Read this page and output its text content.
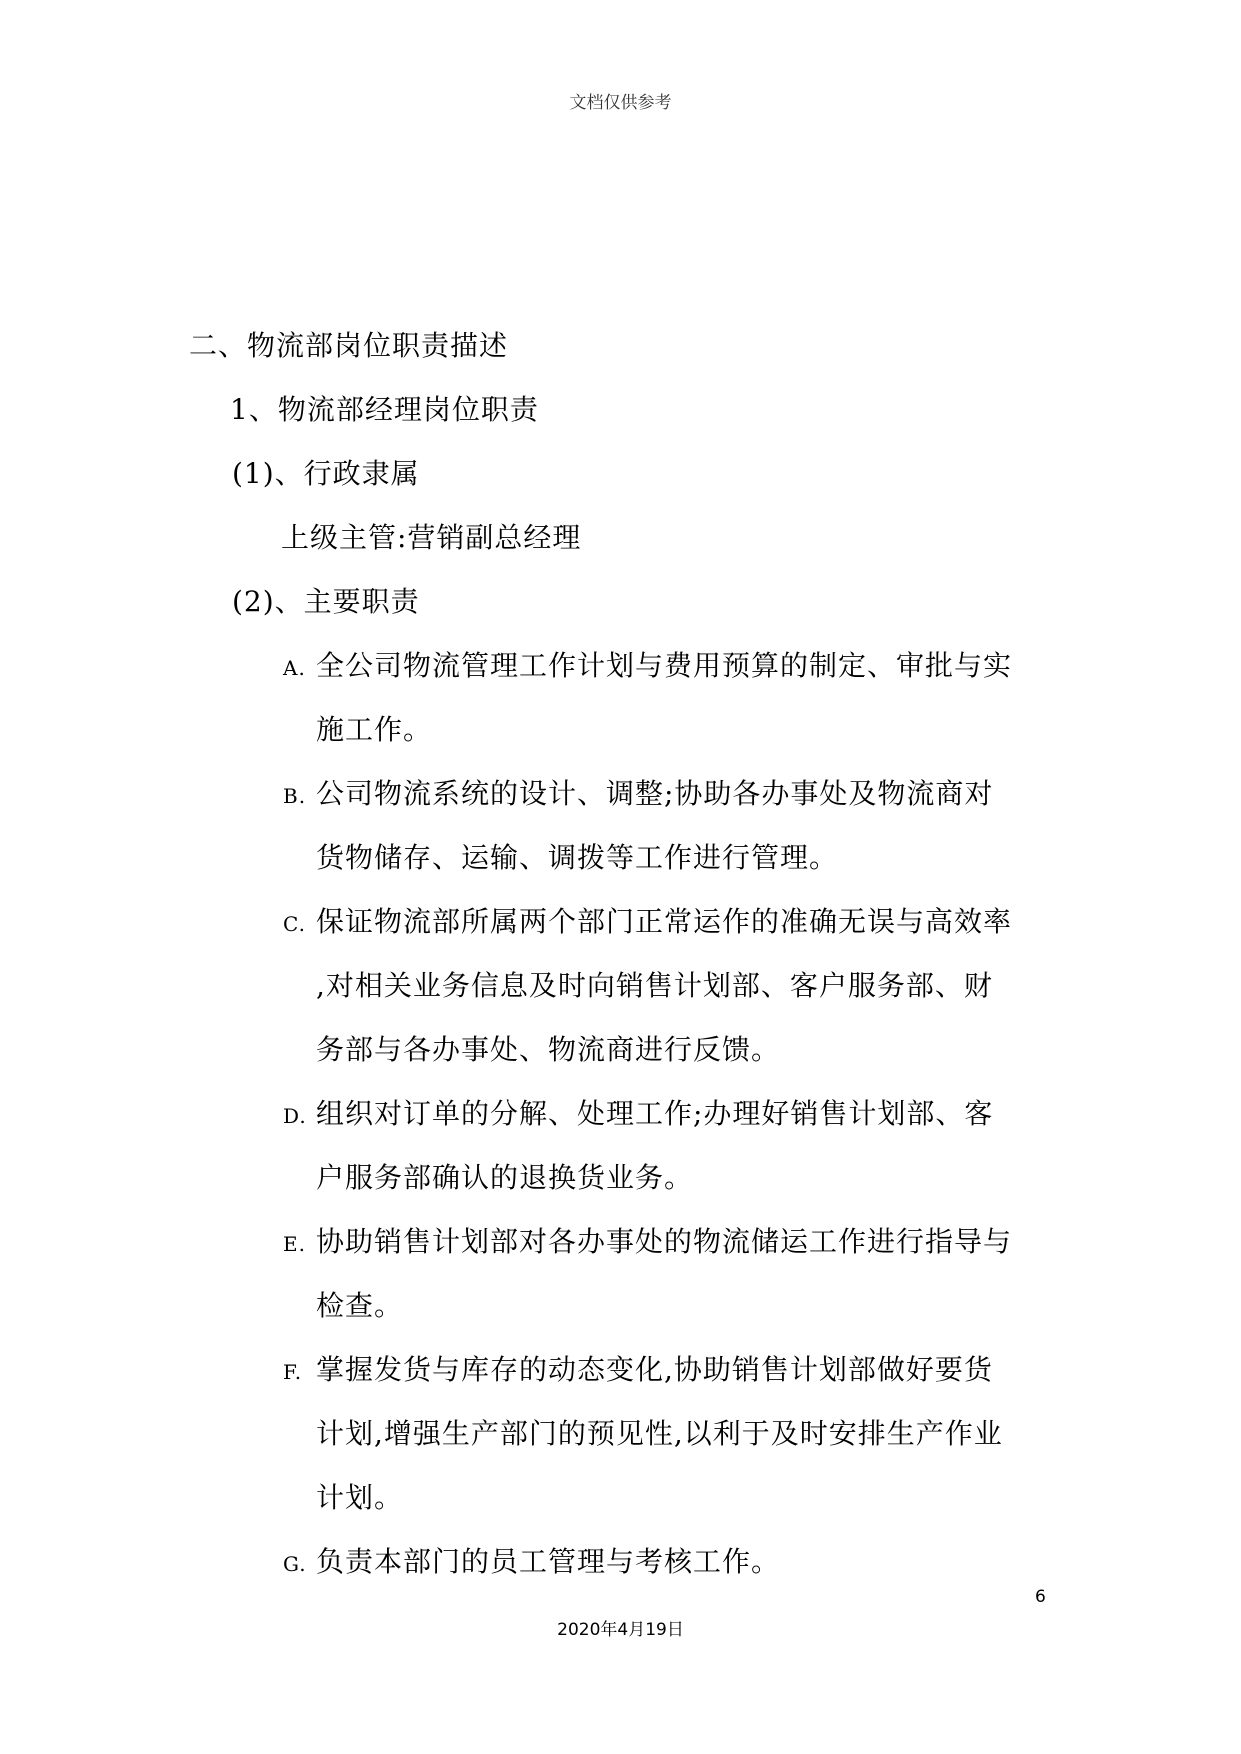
文档仅供参考
二、物流部岗位职责描述
1、物流部经理岗位职责
(1)、行政隶属
上级主管:营销副总经理
(2)、主要职责
A. 全公司物流管理工作计划与费用预算的制定、审批与实
施工作。
B. 公司物流系统的设计、调整;协助各办事处及物流商对
货物储存、运输、调拨等工作进行管理。
C. 保证物流部所属两个部门正常运作的准确无误与高效率
,对相关业务信息及时向销售计划部、客户服务部、财
务部与各办事处、物流商进行反馈。
D. 组织对订单的分解、处理工作;办理好销售计划部、客
户服务部确认的退换货业务。
E. 协助销售计划部对各办事处的物流储运工作进行指导与
检查。
F. 掌握发货与库存的动态变化,协助销售计划部做好要货
计划,增强生产部门的预见性,以利于及时安排生产作业
计划。
G. 负责本部门的员工管理与考核工作。
6
2020年4月19日
